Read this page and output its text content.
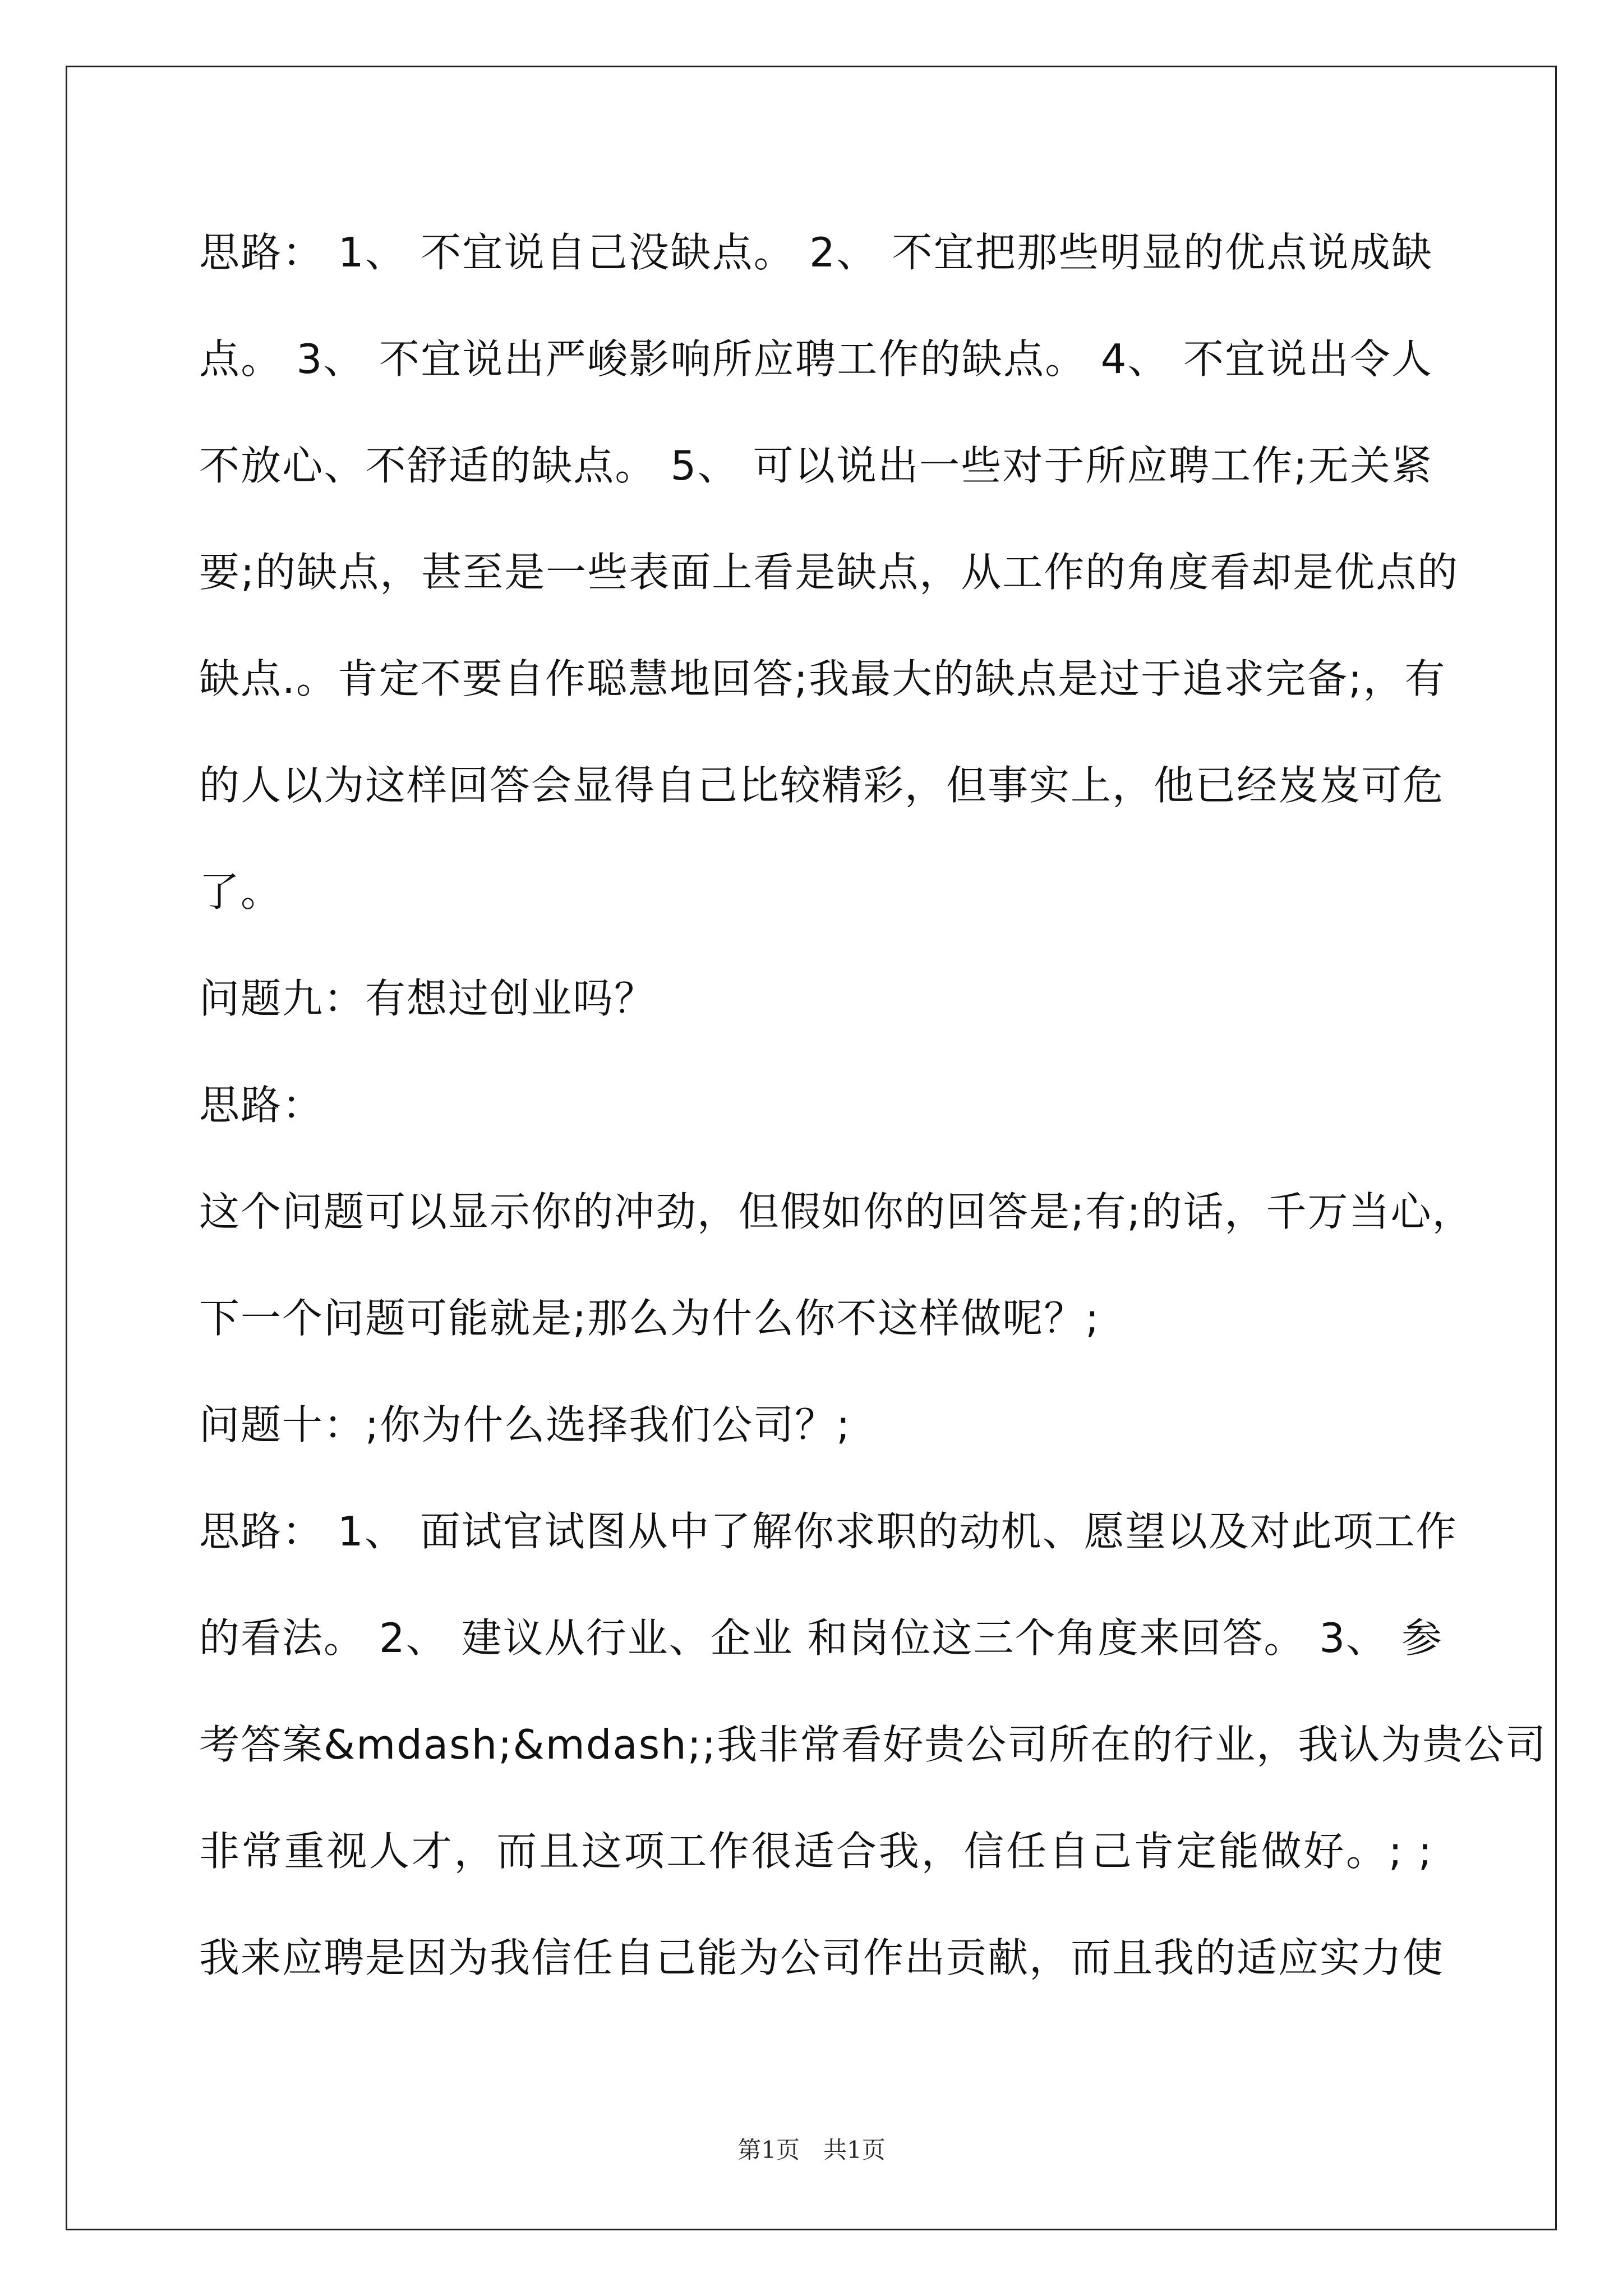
思路： 1、 不宜说自己没缺点。 2、 不宜把那些明显的优点说成缺
点。 3、 不宜说出严峻影响所应聘工作的缺点。 4、 不宜说出令人
不放心、不舒适的缺点。 5、 可以说出一些对于所应聘工作;无关紧
要;的缺点，甚至是一些表面上看是缺点，从工作的角度看却是优点的
缺点.。肯定不要自作聪慧地回答;我最大的缺点是过于追求完备;，有
的人以为这样回答会显得自己比较精彩，但事实上，他已经岌岌可危
了。
问题九：有想过创业吗？
思路：
这个问题可以显示你的冲劲，但假如你的回答是;有;的话，千万当心，
下一个问题可能就是;那么为什么你不这样做呢？;
问题十：;你为什么选择我们公司？;
思路： 1、 面试官试图从中了解你求职的动机、愿望以及对此项工作
的看法。 2、 建议从行业、企业 和岗位这三个角度来回答。 3、 参
考答案&mdash;&mdash;;我非常看好贵公司所在的行业，我认为贵公司
非常重视人才，而且这项工作很适合我，信任自己肯定能做好。; ;
我来应聘是因为我信任自己能为公司作出贡献，而且我的适应实力使
第1页　共1页
